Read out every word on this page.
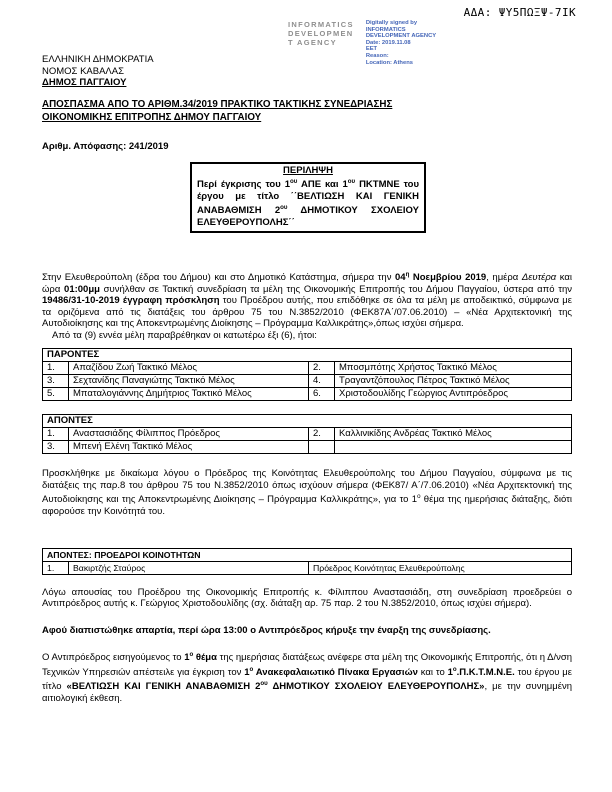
ΑΔΑ: ΨΥ5ΠΩΞΨ-7ΙΚ
INFORMATICS
DEVELOPMEN
T AGENCY
Digitally signed by
INFORMATICS
DEVELOPMENT AGENCY
Date: 2019.11.08
EET
Reason:
Location: Athens
ΕΛΛΗΝΙΚΗ ΔΗΜΟΚΡΑΤΙΑ
ΝΟΜΟΣ ΚΑΒΑΛΑΣ
ΔΗΜΟΣ ΠΑΓΓΑΙΟΥ
ΑΠΟΣΠΑΣΜΑ ΑΠΟ ΤΟ ΑΡΙΘΜ.34/2019 ΠΡΑΚΤΙΚΟ ΤΑΚΤΙΚΗΣ ΣΥΝΕΔΡΙΑΣΗΣ
ΟΙΚΟΝΟΜΙΚΗΣ ΕΠΙΤΡΟΠΗΣ ΔΗΜΟΥ ΠΑΓΓΑΙΟΥ
Αριθμ. Απόφασης: 241/2019
ΠΕΡΙΛΗΨΗ
Περί έγκρισης του $1^{o\upsilon}$ ΑΠΕ και $1^{o\upsilon}$ ΠΚΤΜΝΕ του έργου με τίτλο ΄΄ΒΕΛΤΙΩΣΗ ΚΑΙ ΓΕΝΙΚΗ ΑΝΑΒΑΘΜΙΣΗ $2^{o\upsilon}$ ΔΗΜΟΤΙΚΟΥ ΣΧΟΛΕΙΟΥ ΕΛΕΥΘΕΡΟΥΠΟΛΗΣ΄΄

Στην Ελευθερούπολη (έδρα του Δήμου) και στο Δημοτικό Κατάστημα, σήμερα την $04^\eta$ Νοεμβρίου 2019, ημέρα Δευτέρα και ώρα 01:00μμ συνήλθαν σε Τακτική συνεδρίαση τα μέλη της Οικονομικής Επιτροπής του Δήμου Παγγαίου, ύστερα από την 19486/31-10-2019 έγγραφη πρόσκληση του Προέδρου αυτής, που επιδόθηκε σε όλα τα μέλη με αποδεικτικό, σύμφωνα με τα οριζόμενα από τις διατάξεις του άρθρου 75 του Ν.3852/2010 (ΦΕΚ87Α΄/07.06.2010) – «Νέα Αρχιτεκτονική της Αυτοδιοίκησης και της Αποκεντρωμένης Διοίκησης – Πρόγραμμα Καλλικράτης»,όπως ισχύει σήμερα.

Από τα (9) εννέα μέλη παραβρέθηκαν οι κατωτέρω έξι (6), ήτοι:

ΠΑΡΟΝΤΕΣ			
1.	Απαζίδου Ζωή Τακτικό Μέλος	2.	Μποσμπότης Χρήστος Τακτικό Μέλος
3.	Σεχτανίδης Παναγιώτης Τακτικό Μέλος	4.	Τραγαντζόπουλος Πέτρος Τακτικό Μέλος
5.	Μπαταλογιάννης Δημήτριος Τακτικό Μέλος	6.	Χριστοδουλίδης Γεώργιος Αντιπρόεδρος
ΑΠΟΝΤΕΣ			
1.	Αναστασιάδης Φίλιππος Πρόεδρος	2.	Καλλινικίδης Ανδρέας Τακτικό Μέλος
3.	Μπενή Ελένη Τακτικό Μέλος		

Προσκλήθηκε με δικαίωμα λόγου ο Πρόεδρος της Κοινότητας Ελευθερούπολης του Δήμου Παγγαίου, σύμφωνα με τις διατάξεις της παρ.8 του άρθρου 75 του Ν.3852/2010 όπως ισχύουν σήμερα (ΦΕΚ87/ Α΄/7.06.2010) «Νέα Αρχιτεκτονική της Αυτοδιοίκησης και της Αποκεντρωμένης Διοίκησης – Πρόγραμμα Καλλικράτης», για το $1^o$ θέμα της ημερήσιας διάταξης, διότι αφορούσε την Κοινότητά του.

ΑΠΟΝΤΕΣ: ΠΡΟΕΔΡΟΙ ΚΟΙΝΟΤΗΤΩΝ
1.	Βακιρτζής Σταύρος	Πρόεδρος Κοινότητας Ελευθερούπολης

Λόγω απουσίας του Προέδρου της Οικονομικής Επιτροπής κ. Φίλιππου Αναστασιάδη, στη συνεδρίαση προεδρεύει ο Αντιπρόεδρος αυτής κ. Γεώργιος Χριστοδουλίδης (σχ. διάταξη αρ. 75 παρ. 2 του Ν.3852/2010, όπως ισχύει σήμερα).

Αφού διαπιστώθηκε απαρτία, περί ώρα 13:00 ο Αντιπρόεδρος κήρυξε την έναρξη της συνεδρίασης.

Ο Αντιπρόεδρος εισηγούμενος το $1^o$ θέμα της ημερήσιας διατάξεως ανέφερε στα μέλη της Οικονομικής Επιτροπής, ότι η Δ/νση Τεχνικών Υπηρεσιών απέστειλε για έγκριση τον $1^o$ Ανακεφαλαιωτικό Πίνακα Εργασιών και το $1^o.\Pi.K.T.M.N.E$. του έργου με τίτλο «ΒΕΛΤΙΩΣΗ ΚΑΙ ΓΕΝΙΚΗ ΑΝΑΒΑΘΜΙΣΗ $2^{o\upsilon}$ ΔΗΜΟΤΙΚΟΥ ΣΧΟΛΕΙΟΥ ΕΛΕΥΘΕΡΟΥΠΟΛΗΣ», με την συνημμένη αιτιολογική έκθεση.
